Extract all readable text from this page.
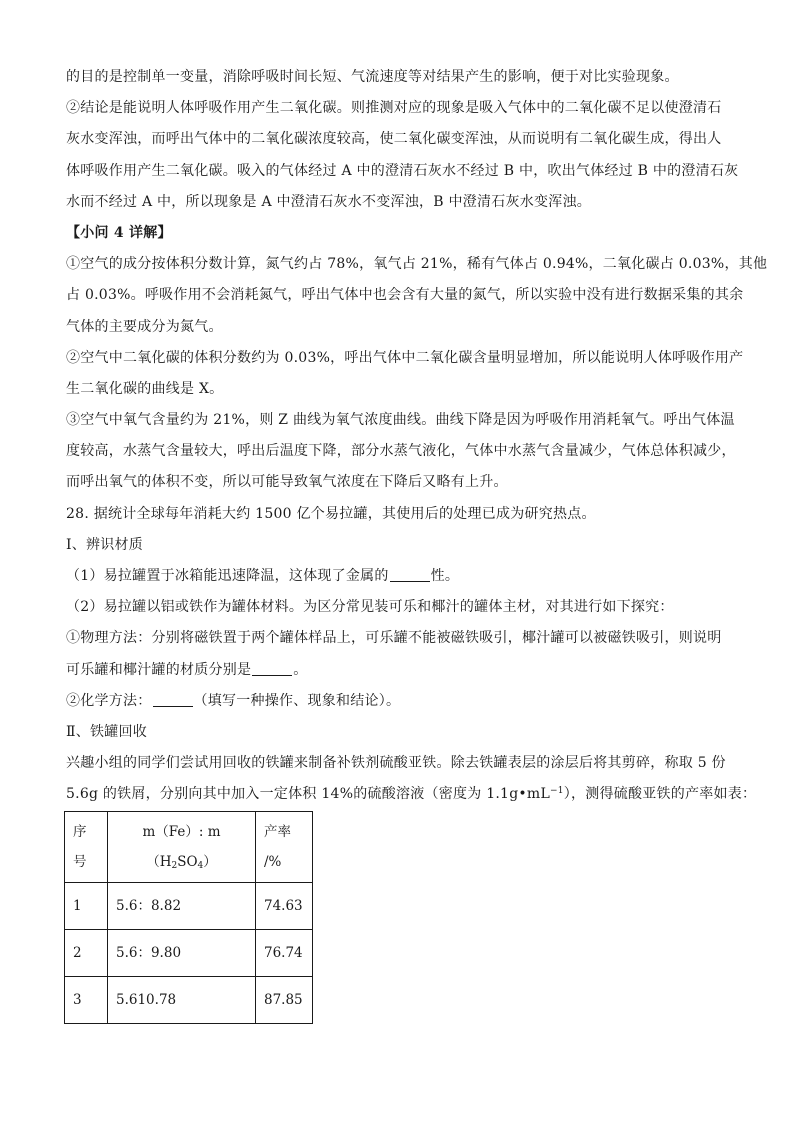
的目的是控制单一变量，消除呼吸时间长短、气流速度等对结果产生的影响，便于对比实验现象。
②结论是能说明人体呼吸作用产生二氧化碳。则推测对应的现象是吸入气体中的二氧化碳不足以使澄清石
灰水变浑浊，而呼出气体中的二氧化碳浓度较高，使二氧化碳变浑浊，从而说明有二氧化碳生成，得出人
体呼吸作用产生二氧化碳。吸入的气体经过 A 中的澄清石灰水不经过 B 中，吹出气体经过 B 中的澄清石灰
水而不经过 A 中，所以现象是 A 中澄清石灰水不变浑浊，B 中澄清石灰水变浑浊。
【小问 4 详解】
①空气的成分按体积分数计算，氮气约占 78%，氧气占 21%，稀有气体占 0.94%，二氧化碳占 0.03%，其他
占 0.03%。呼吸作用不会消耗氮气，呼出气体中也会含有大量的氮气，所以实验中没有进行数据采集的其余
气体的主要成分为氮气。
②空气中二氧化碳的体积分数约为 0.03%，呼出气体中二氧化碳含量明显增加，所以能说明人体呼吸作用产
生二氧化碳的曲线是 X。
③空气中氧气含量约为 21%，则 Z 曲线为氧气浓度曲线。曲线下降是因为呼吸作用消耗氧气。呼出气体温
度较高，水蒸气含量较大，呼出后温度下降，部分水蒸气液化，气体中水蒸气含量减少，气体总体积减少，
而呼出氧气的体积不变，所以可能导致氧气浓度在下降后又略有上升。
28. 据统计全球每年消耗大约 1500 亿个易拉罐，其使用后的处理已成为研究热点。
Ⅰ、辨识材质
（1）易拉罐置于冰箱能迅速降温，这体现了金属的	性。
（2）易拉罐以铝或铁作为罐体材料。为区分常见装可乐和椰汁的罐体主材，对其进行如下探究：
①物理方法：分别将磁铁置于两个罐体样品上，可乐罐不能被磁铁吸引，椰汁罐可以被磁铁吸引，则说明
可乐罐和椰汁罐的材质分别是	。
②化学方法：	（填写一种操作、现象和结论）。
Ⅱ、铁罐回收
兴趣小组的同学们尝试用回收的铁罐来制备补铁剂硫酸亚铁。除去铁罐表层的涂层后将其剪碎，称取 5 份
5.6g 的铁屑，分别向其中加入一定体积 14%的硫酸溶液（密度为 $1.1g•mL^{-1}$），测得硫酸亚铁的产率如表：
序
号	m（Fe）: $m(H_2SO_4)$	产率
/%

1	5.6：8.82	74.63
2	5.6：9.80	76.74
3	5.610.78	87.85
